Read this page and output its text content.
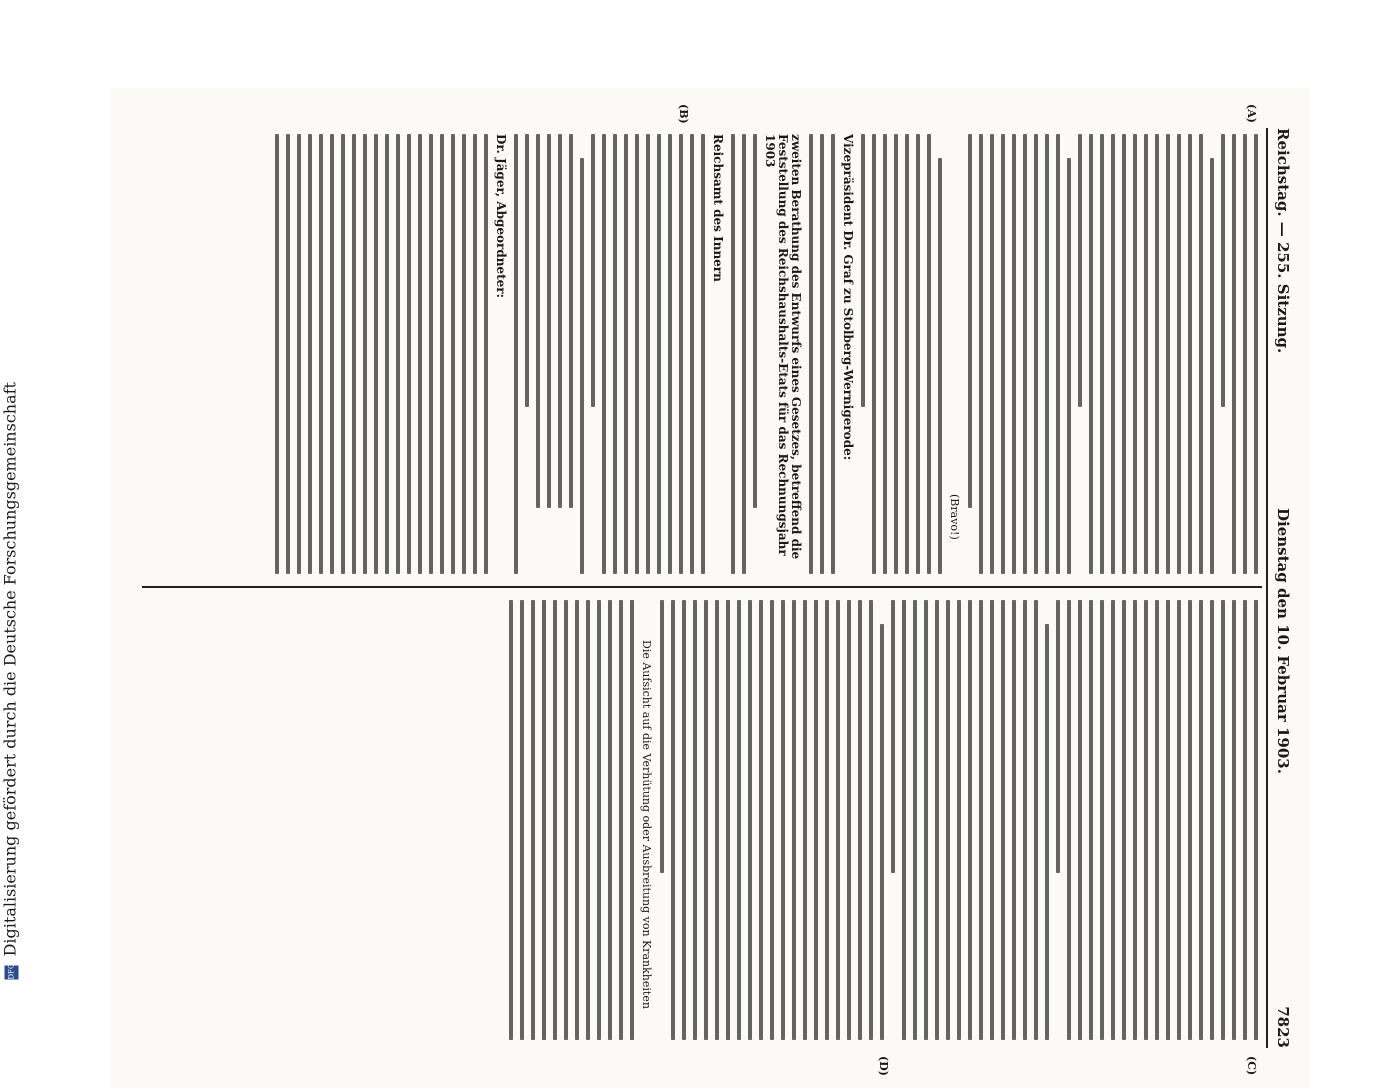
Reichstag. — 255. Sitzung.
Dienstag den 10. Februar 1903.
7823
(A)
(B)
(C)
(D)
(Bravo!)
Vizepräsident Dr. Graf zu Stolberg-Wernigerode:
zweiten Berathung des Entwurfs eines Gesetzes, betreffend die Feststellung des Reichshaushalts-Etats für das Rechnungsjahr 1903
Reichsamt des Innern
Dr. Jäger, Abgeordneter:
Die Aufsicht auf die Verhütung oder Ausbreitung von Krankheiten
DFG Digitalisierung gefördert durch die Deutsche Forschungsgemeinschaft
